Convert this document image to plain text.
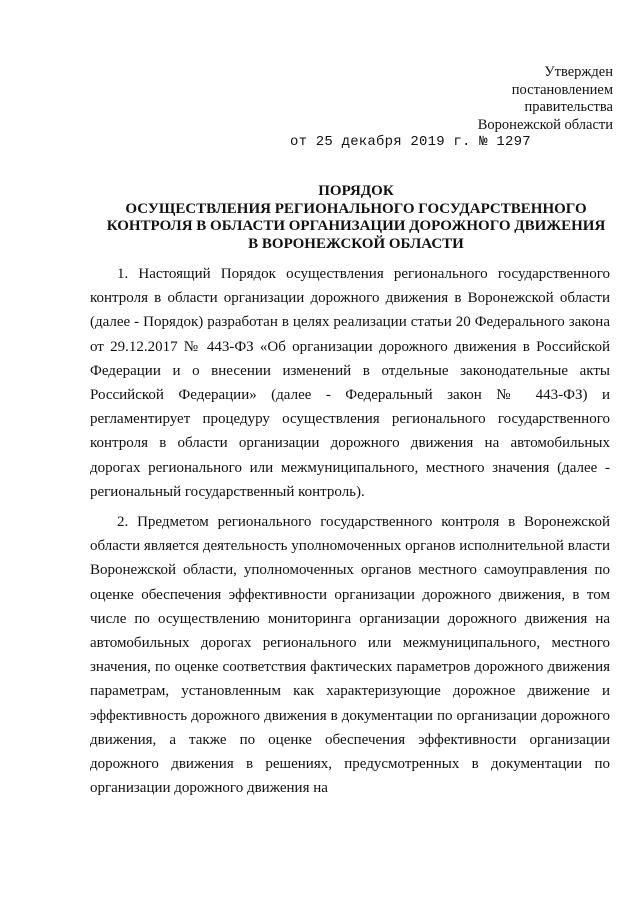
Утвержден
постановлением
правительства
Воронежской области
от 25 декабря 2019 г. № 1297
ПОРЯДОК
ОСУЩЕСТВЛЕНИЯ РЕГИОНАЛЬНОГО ГОСУДАРСТВЕННОГО
КОНТРОЛЯ В ОБЛАСТИ ОРГАНИЗАЦИИ ДОРОЖНОГО ДВИЖЕНИЯ
В ВОРОНЕЖСКОЙ ОБЛАСТИ

1. Настоящий Порядок осуществления регионального государственного контроля в области организации дорожного движения в Воронежской области (далее - Порядок) разработан в целях реализации статьи 20 Федерального закона от 29.12.2017 № 443-ФЗ «Об организации дорожного движения в Российской Федерации и о внесении изменений в отдельные законодательные акты Российской Федерации» (далее - Федеральный закон № 443-ФЗ) и регламентирует процедуру осуществления регионального государственного контроля в области организации дорожного движения на автомобильных дорогах регионального или межмуниципального, местного значения (далее - региональный государственный контроль).

2. Предметом регионального государственного контроля в Воронежской области является деятельность уполномоченных органов исполнительной власти Воронежской области, уполномоченных органов местного самоуправления по оценке обеспечения эффективности организации дорожного движения, в том числе по осуществлению мониторинга организации дорожного движения на автомобильных дорогах регионального или межмуниципального, местного значения, по оценке соответствия фактических параметров дорожного движения параметрам, установленным как характеризующие дорожное движение и эффективность дорожного движения в документации по организации дорожного движения, а также по оценке обеспечения эффективности организации дорожного движения в решениях, предусмотренных в документации по организации дорожного движения на
